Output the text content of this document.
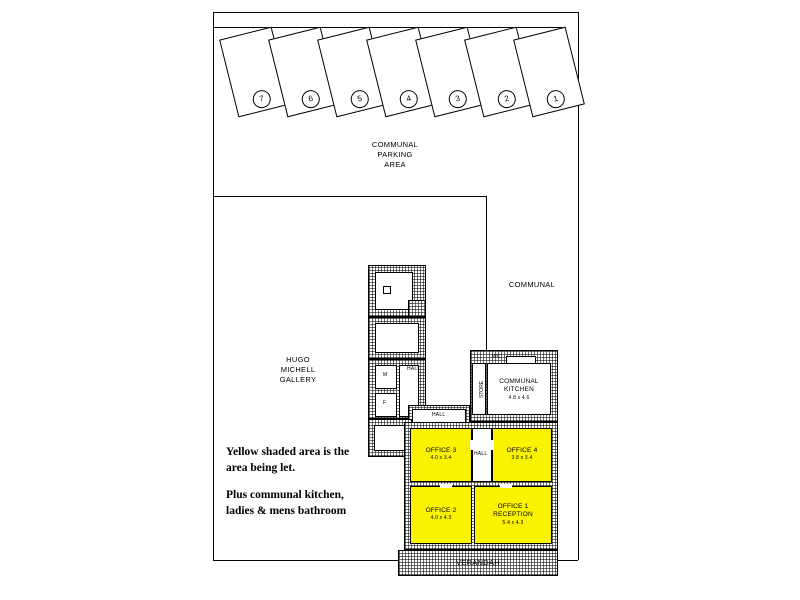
7	6	5	4	3	2	1
COMMUNAL
PARKING
AREA
COMMUNAL
HUGO
MICHELL
GALLERY
Yellow shaded area is the
area being let.
Plus communal kitchen,
ladies & mens bathroom
M
F
HALL
HALL
COMMUNAL
KITCHEN
4.8 x 4.6
STORE
WC
OFFICE 3
4.0 x 3.4
HALL	OFFICE 4
3.8 x 3.4
OFFICE 2
4.0 x 4.3
OFFICE 1
RECEPTION
5.4 x 4.3
VERANDAH
